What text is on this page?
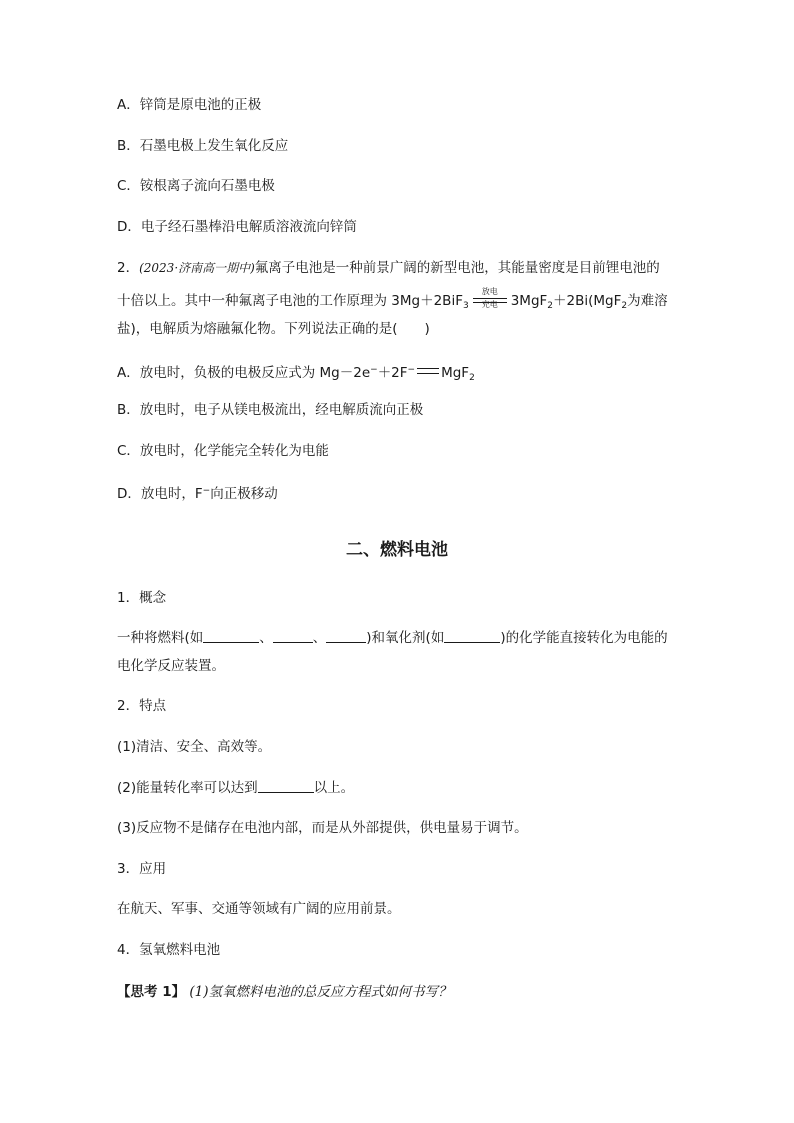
A．锌筒是原电池的正极
B．石墨电极上发生氧化反应
C．铵根离子流向石墨电极
D．电子经石墨棒沿电解质溶液流向锌筒
2．(2023·济南高一期中)氟离子电池是一种前景广阔的新型电池，其能量密度是目前锂电池的
十倍以上。其中一种氟离子电池的工作原理为 3Mg＋2BiF$_3$
放电
充电 3MgF$_2$＋2Bi(MgF$_2$为难溶
盐)，电解质为熔融氟化物。下列说法正确的是(　　)
A．放电时，负极的电极反应式为 Mg－2e−＋2F− MgF$_2$
B．放电时，电子从镁电极流出，经电解质流向正极
C．放电时，化学能完全转化为电能
D．放电时，F−向正极移动
二、燃料电池
1．概念
一种将燃料(如	、	、	)和氧化剂(如	)的化学能直接转化为电能的
电化学反应装置。
2．特点
(1)清洁、安全、高效等。
(2)能量转化率可以达到	以上。
(3)反应物不是储存在电池内部，而是从外部提供，供电量易于调节。
3．应用
在航天、军事、交通等领域有广阔的应用前景。
4．氢氧燃料电池
【思考 1】 (1)氢氧燃料电池的总反应方程式如何书写？
